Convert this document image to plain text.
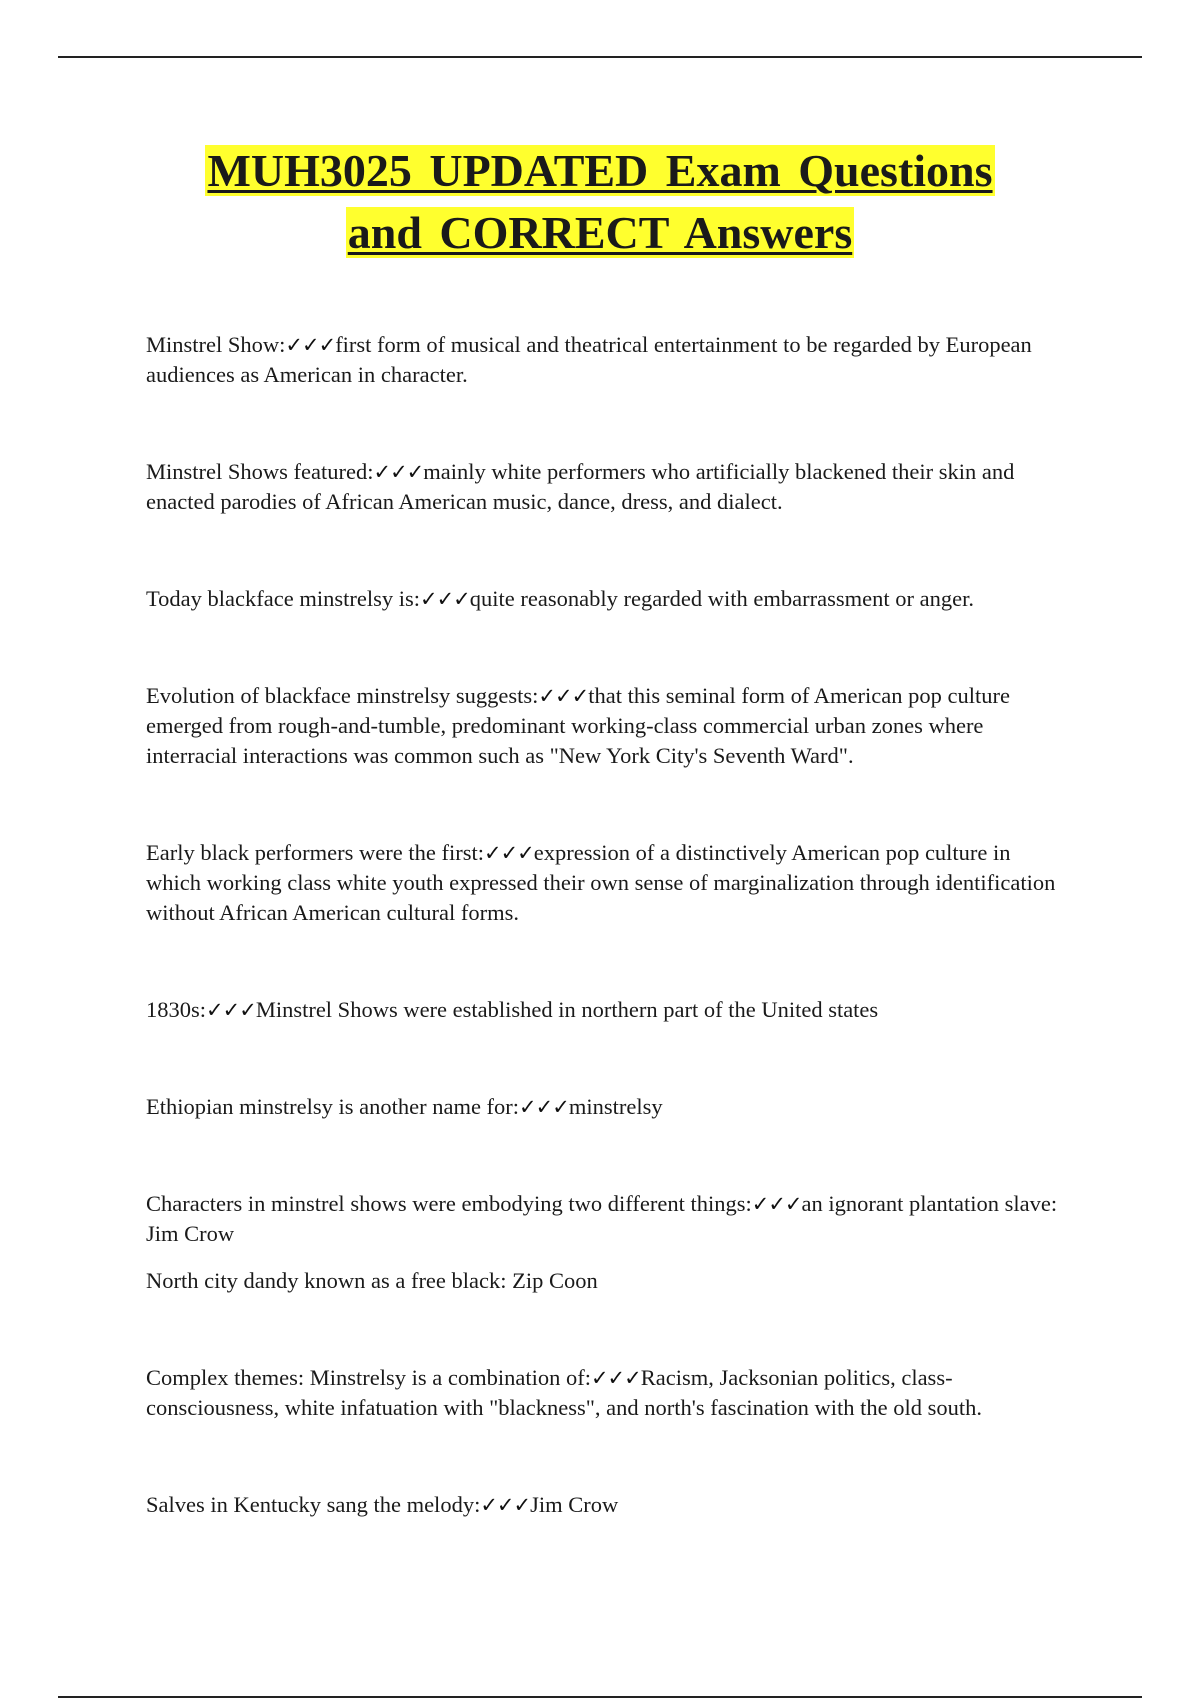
MUH3025 UPDATED Exam Questions
and CORRECT Answers

Minstrel Show:✓✓✓first form of musical and theatrical entertainment to be regarded by European audiences as American in character.

Minstrel Shows featured:✓✓✓mainly white performers who artificially blackened their skin and enacted parodies of African American music, dance, dress, and dialect.

Today blackface minstrelsy is:✓✓✓quite reasonably regarded with embarrassment or anger.

Evolution of blackface minstrelsy suggests:✓✓✓that this seminal form of American pop culture emerged from rough-and-tumble, predominant working-class commercial urban zones where interracial interactions was common such as "New York City's Seventh Ward".

Early black performers were the first:✓✓✓expression of a distinctively American pop culture in which working class white youth expressed their own sense of marginalization through identification without African American cultural forms.

1830s:✓✓✓Minstrel Shows were established in northern part of the United states

Ethiopian minstrelsy is another name for:✓✓✓minstrelsy

Characters in minstrel shows were embodying two different things:✓✓✓an ignorant plantation slave: Jim Crow

North city dandy known as a free black: Zip Coon

Complex themes: Minstrelsy is a combination of:✓✓✓Racism, Jacksonian politics, class-consciousness, white infatuation with "blackness", and north's fascination with the old south.

Salves in Kentucky sang the melody:✓✓✓Jim Crow
